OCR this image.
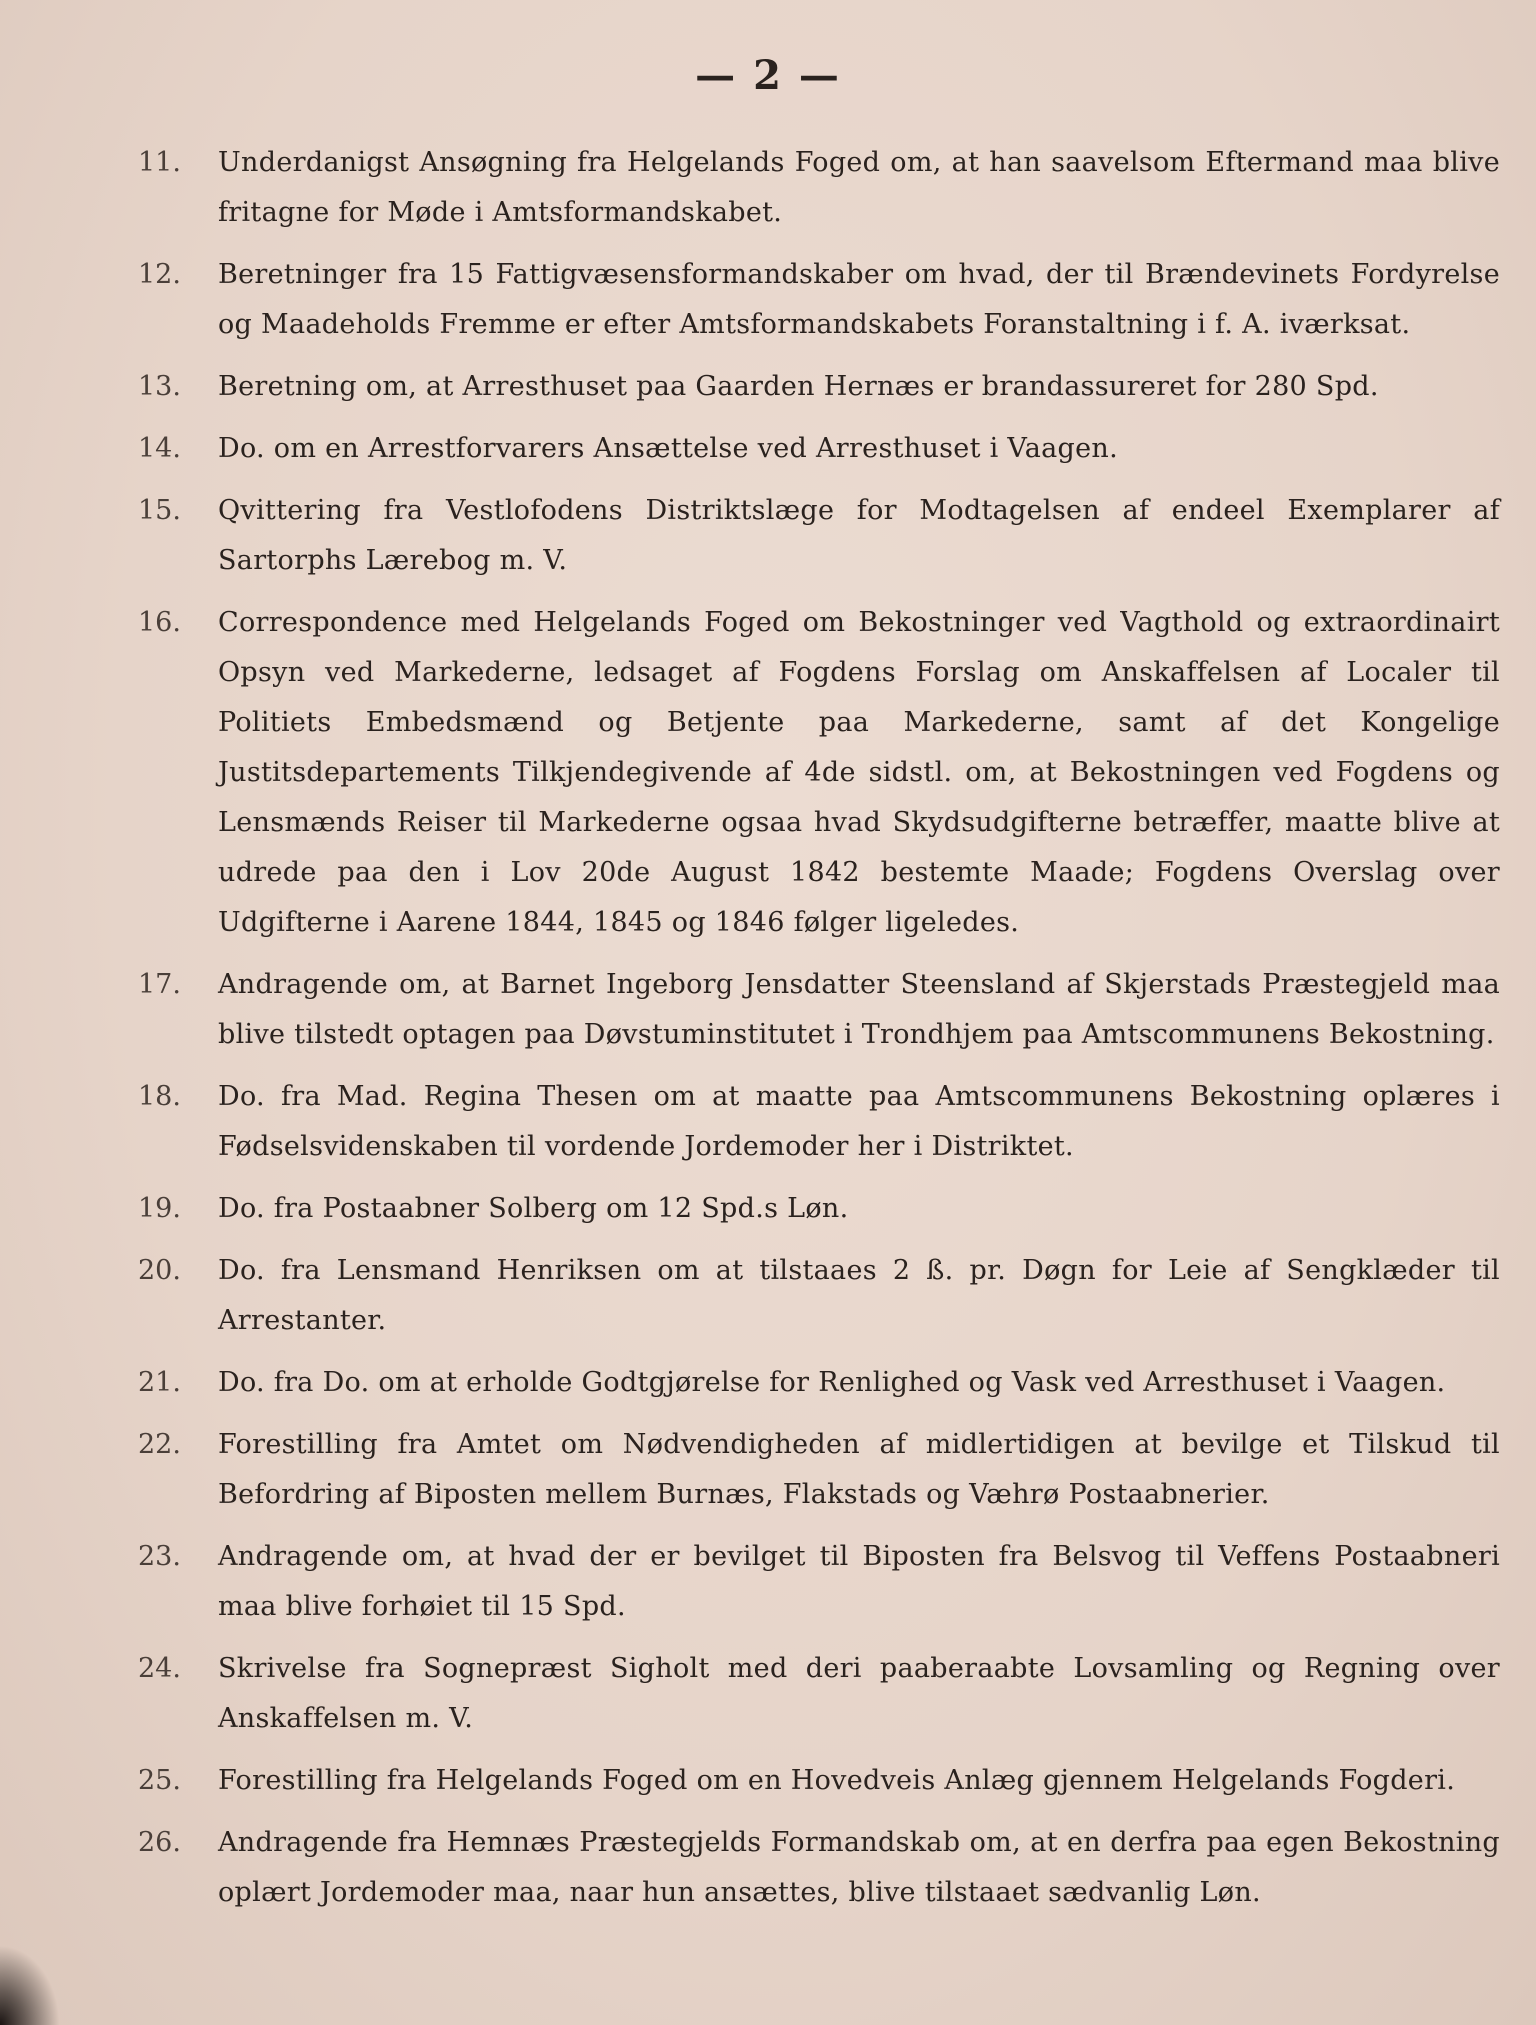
— 2 —
11.	Underdanigst Ansøgning fra Helgelands Foged om, at han saavelsom Eftermand maa blive fritagne for Møde i Amtsformandskabet.
12.	Beretninger fra 15 Fattigvæsensformandskaber om hvad, der til Brændevinets Fordyrelse og Maadeholds Fremme er efter Amtsformandskabets Foranstaltning i f. A. iværksat.
13.	Beretning om, at Arresthuset paa Gaarden Hernæs er brandassureret for 280 Spd.
14.	Do. om en Arrestforvarers Ansættelse ved Arresthuset i Vaagen.
15.	Qvittering fra Vestlofodens Distriktslæge for Modtagelsen af endeel Exemplarer af Sartorphs Lærebog m. V.
16.	Correspondence med Helgelands Foged om Bekostninger ved Vagthold og extraordinairt Opsyn ved Markederne, ledsaget af Fogdens Forslag om Anskaffelsen af Localer til Politiets Embedsmænd og Betjente paa Markederne, samt af det Kongelige Justitsdepartements Tilkjendegivende af 4de sidstl. om, at Bekostningen ved Fogdens og Lensmænds Reiser til Markederne ogsaa hvad Skydsudgifterne betræffer, maatte blive at udrede paa den i Lov 20de August 1842 bestemte Maade; Fogdens Overslag over Udgifterne i Aarene 1844, 1845 og 1846 følger ligeledes.
17.	Andragende om, at Barnet Ingeborg Jensdatter Steensland af Skjerstads Præstegjeld maa blive tilstedt optagen paa Døvstuminstitutet i Trondhjem paa Amtscommunens Bekostning.
18.	Do. fra Mad. Regina Thesen om at maatte paa Amtscommunens Bekostning oplæres i Fødselsvidenskaben til vordende Jordemoder her i Distriktet.
19.	Do. fra Postaabner Solberg om 12 Spd.s Løn.
20.	Do. fra Lensmand Henriksen om at tilstaaes 2 ß. pr. Døgn for Leie af Sengklæder til Arrestanter.
21.	Do. fra Do. om at erholde Godtgjørelse for Renlighed og Vask ved Arresthuset i Vaagen.
22.	Forestilling fra Amtet om Nødvendigheden af midlertidigen at bevilge et Tilskud til Befordring af Biposten mellem Burnæs, Flakstads og Væhrø Postaabnerier.
23.	Andragende om, at hvad der er bevilget til Biposten fra Belsvog til Veffens Postaabneri maa blive forhøiet til 15 Spd.
24.	Skrivelse fra Sognepræst Sigholt med deri paaberaabte Lovsamling og Regning over Anskaffelsen m. V.
25.	Forestilling fra Helgelands Foged om en Hovedveis Anlæg gjennem Helgelands Fogderi.
26.	Andragende fra Hemnæs Præstegjelds Formandskab om, at en derfra paa egen Bekostning oplært Jordemoder maa, naar hun ansættes, blive tilstaaet sædvanlig Løn.
